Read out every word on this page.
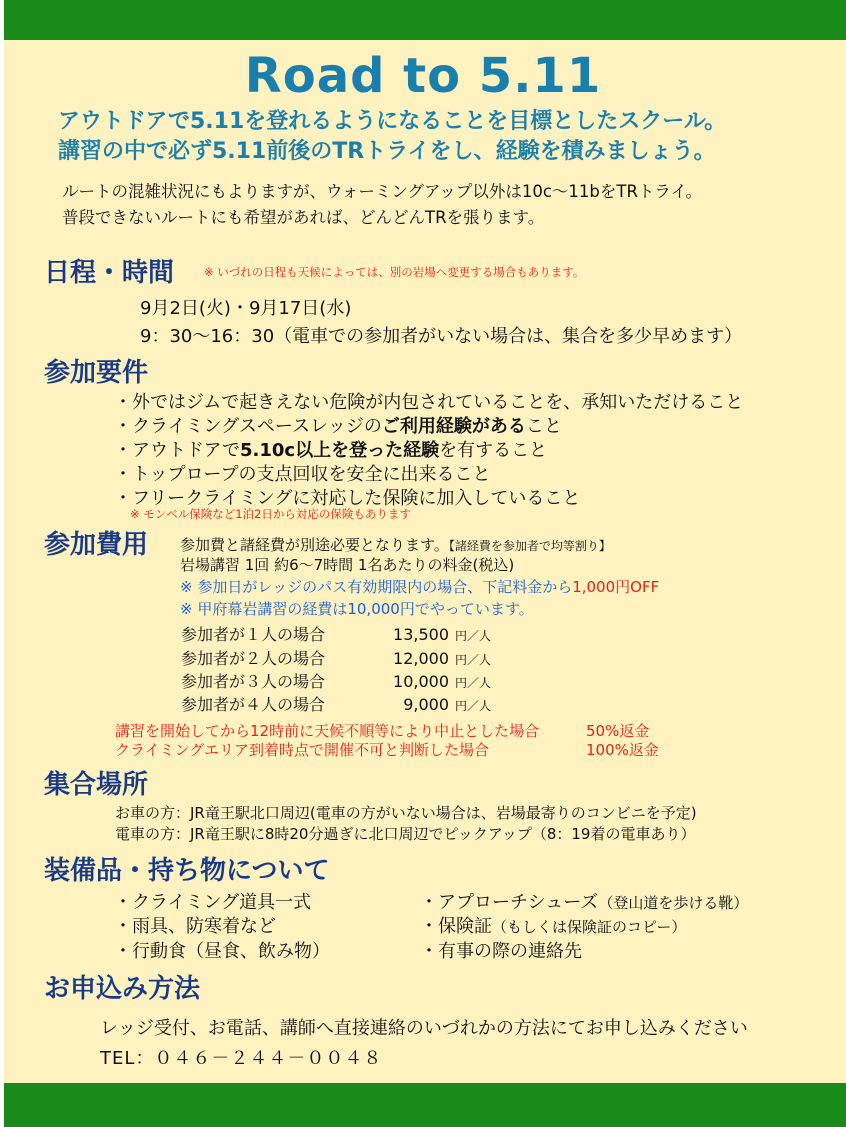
Road to 5.11
アウトドアで5.11を登れるようになることを目標としたスクール。
講習の中で必ず5.11前後のTRトライをし、経験を積みましょう。
ルートの混雑状況にもよりますが、ウォーミングアップ以外は10c〜11bをTRトライ。
普段できないルートにも希望があれば、どんどんTRを張ります。
日程・時間	※ いづれの日程も天候によっては、別の岩場へ変更する場合もあります。
9月2日(火)・9月17日(水)
9：30〜16：30（電車での参加者がいない場合は、集合を多少早めます）
参加要件
・外ではジムで起きえない危険が内包されていることを、承知いただけること
・クライミングスペースレッジのご利用経験があること
・アウトドアで5.10c以上を登った経験を有すること
・トップロープの支点回収を安全に出来ること
・フリークライミングに対応した保険に加入していること
※ モンベル保険など1泊2日から対応の保険もあります
参加費用 参加費と諸経費が別途必要となります。【諸経費を参加者で均等割り】
岩場講習 1回 約6〜7時間 1名あたりの料金(税込)
※ 参加日がレッジのパス有効期限内の場合、下記料金から1,000円OFF
※ 甲府幕岩講習の経費は10,000円でやっています。
参加者が１人の場合	13,500 円／人
参加者が２人の場合	12,000 円／人
参加者が３人の場合	10,000 円／人
参加者が４人の場合	9,000 円／人
講習を開始してから12時前に天候不順等により中止とした場合	50%返金
クライミングエリア到着時点で開催不可と判断した場合	100%返金
集合場所
お車の方：JR竜王駅北口周辺(電車の方がいない場合は、岩場最寄りのコンビニを予定)
電車の方：JR竜王駅に8時20分過ぎに北口周辺でピックアップ（8：19着の電車あり）
装備品・持ち物について
・クライミング道具一式
・雨具、防寒着など
・行動食（昼食、飲み物）
・アプローチシューズ（登山道を歩ける靴）
・保険証（もしくは保険証のコピー）
・有事の際の連絡先
お申込み方法
レッジ受付、お電話、講師へ直接連絡のいづれかの方法にてお申し込みください
TEL：０４６－２４４－００４８
